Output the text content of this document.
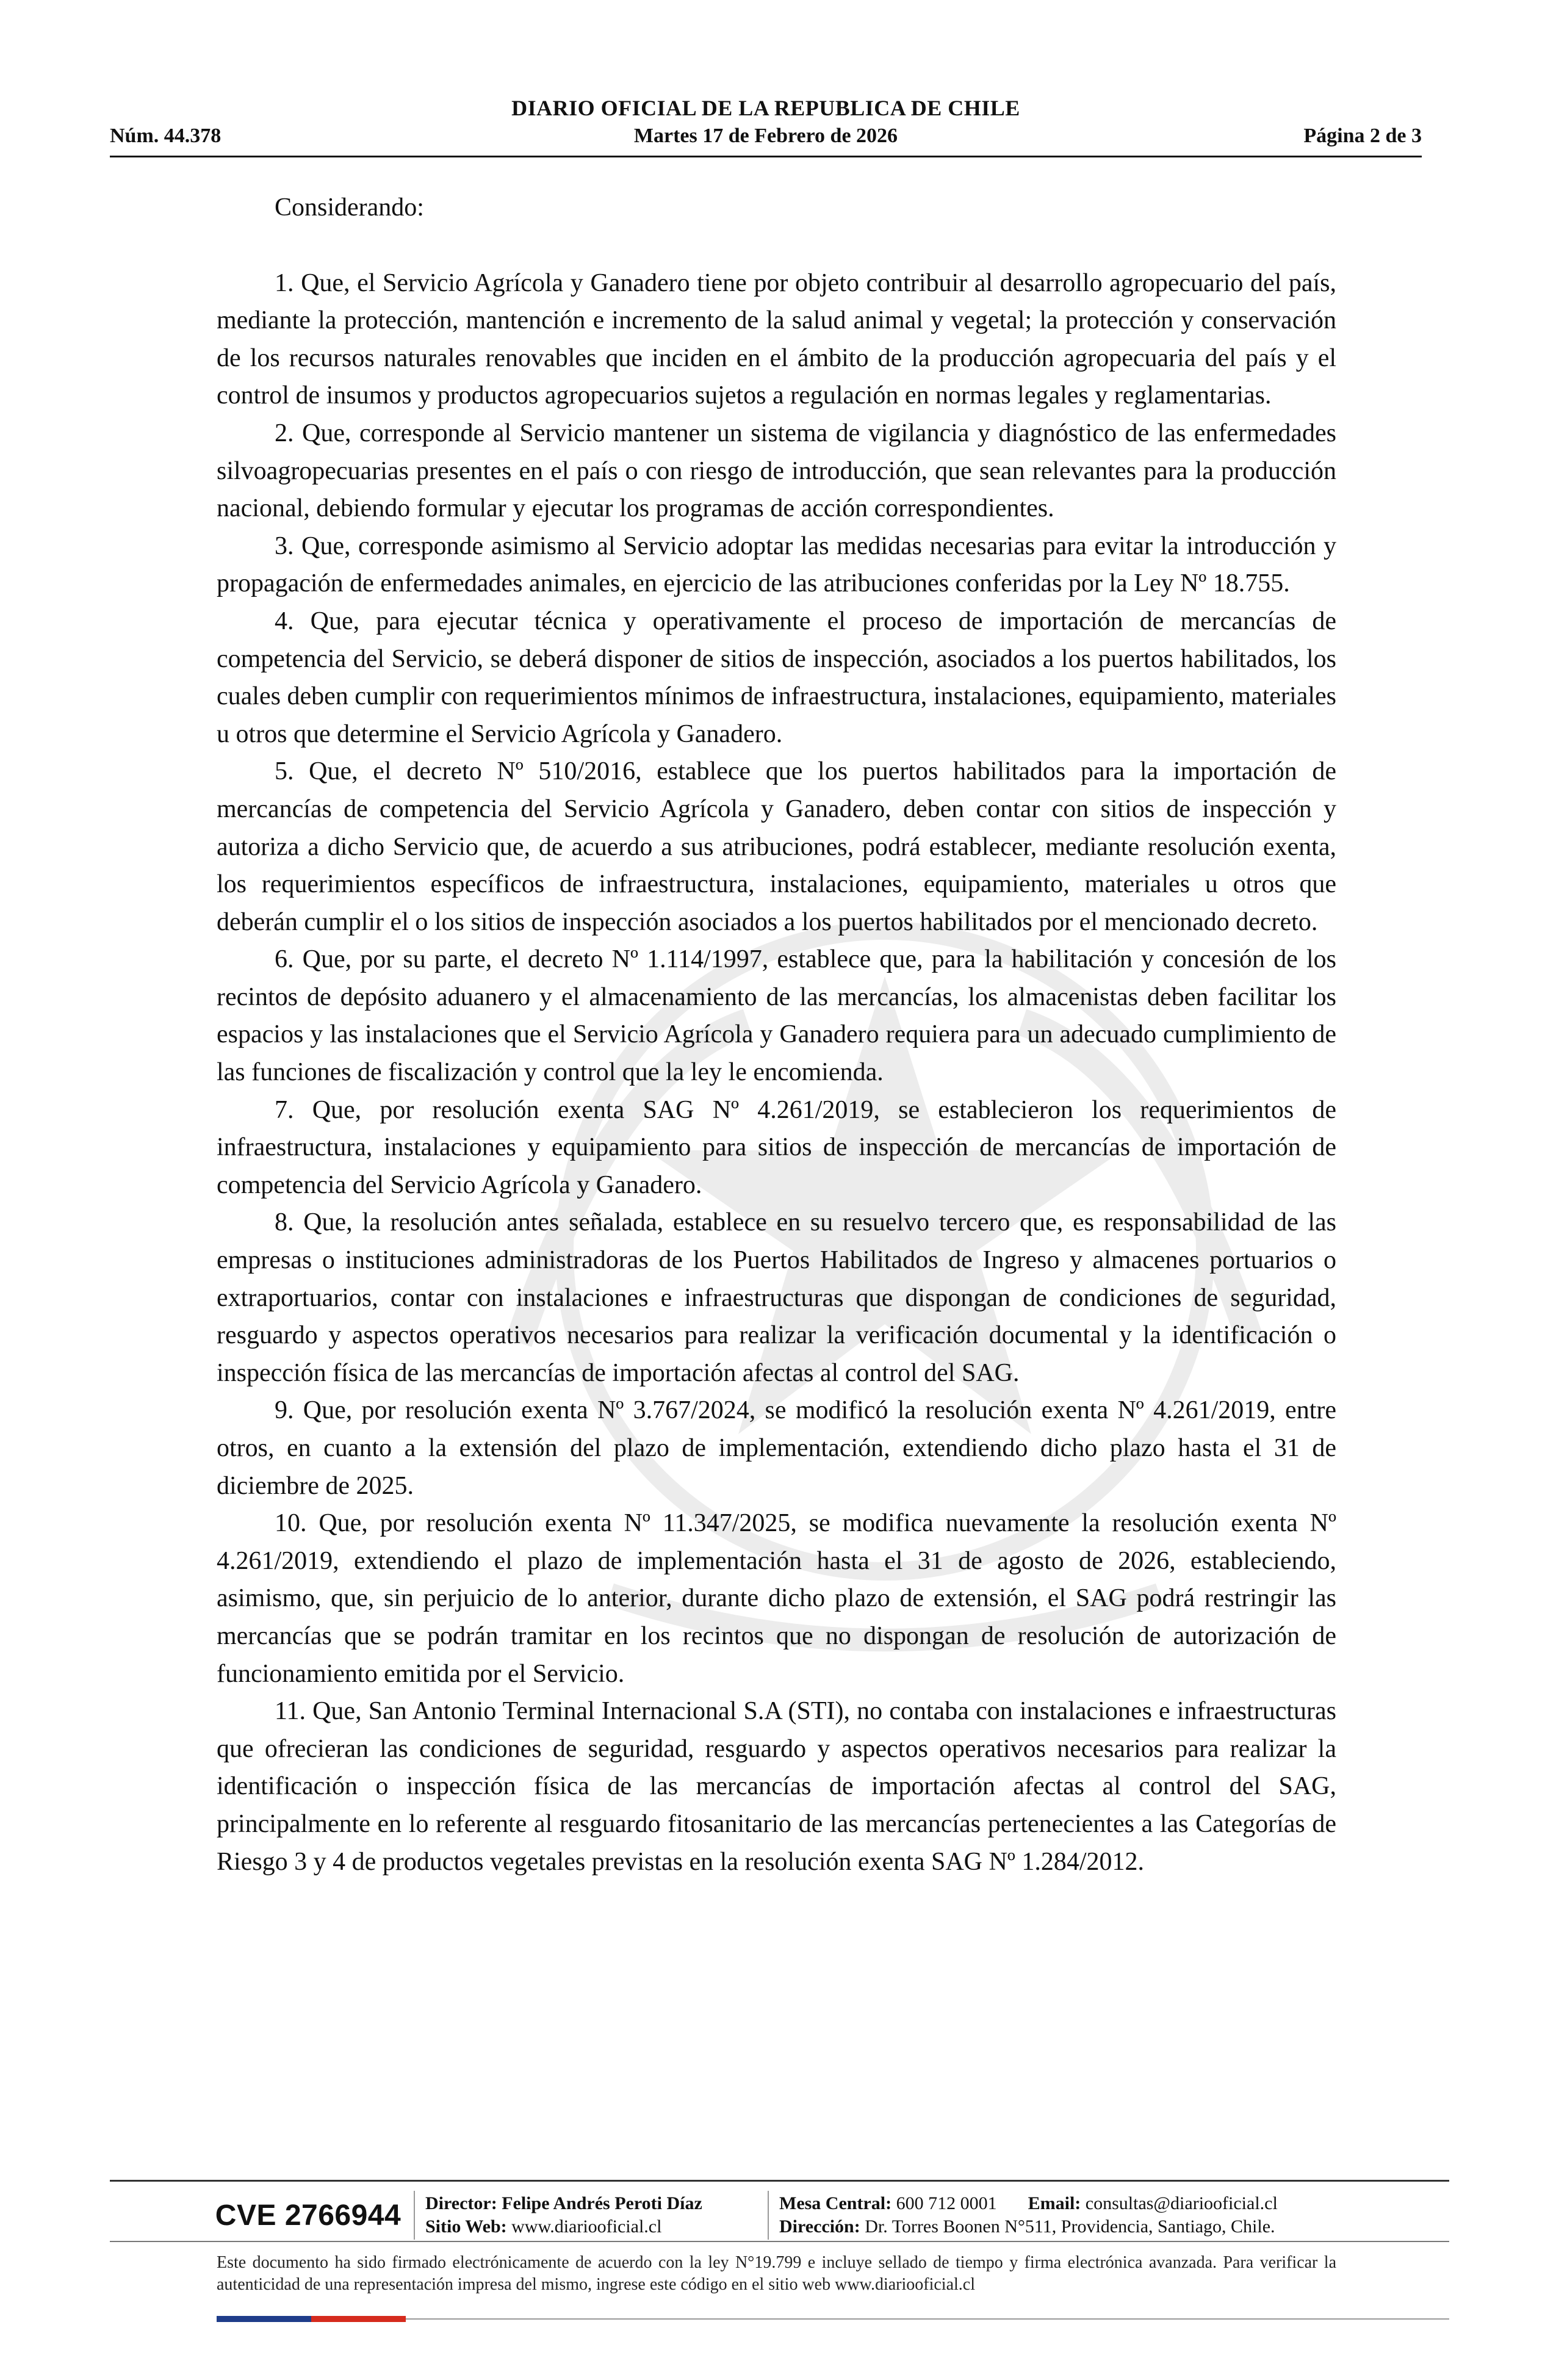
DIARIO OFICIAL DE LA REPUBLICA DE CHILE
Núm. 44.378	Martes 17 de Febrero de 2026	Página 2 de 3

Considerando:

1. Que, el Servicio Agrícola y Ganadero tiene por objeto contribuir al desarrollo agropecuario del país, mediante la protección, mantención e incremento de la salud animal y vegetal; la protección y conservación de los recursos naturales renovables que inciden en el ámbito de la producción agropecuaria del país y el control de insumos y productos agropecuarios sujetos a regulación en normas legales y reglamentarias.

2. Que, corresponde al Servicio mantener un sistema de vigilancia y diagnóstico de las enfermedades silvoagropecuarias presentes en el país o con riesgo de introducción, que sean relevantes para la producción nacional, debiendo formular y ejecutar los programas de acción correspondientes.

3. Que, corresponde asimismo al Servicio adoptar las medidas necesarias para evitar la introducción y propagación de enfermedades animales, en ejercicio de las atribuciones conferidas por la Ley Nº 18.755.

4. Que, para ejecutar técnica y operativamente el proceso de importación de mercancías de competencia del Servicio, se deberá disponer de sitios de inspección, asociados a los puertos habilitados, los cuales deben cumplir con requerimientos mínimos de infraestructura, instalaciones, equipamiento, materiales u otros que determine el Servicio Agrícola y Ganadero.

5. Que, el decreto Nº 510/2016, establece que los puertos habilitados para la importación de mercancías de competencia del Servicio Agrícola y Ganadero, deben contar con sitios de inspección y autoriza a dicho Servicio que, de acuerdo a sus atribuciones, podrá establecer, mediante resolución exenta, los requerimientos específicos de infraestructura, instalaciones, equipamiento, materiales u otros que deberán cumplir el o los sitios de inspección asociados a los puertos habilitados por el mencionado decreto.

6. Que, por su parte, el decreto Nº 1.114/1997, establece que, para la habilitación y concesión de los recintos de depósito aduanero y el almacenamiento de las mercancías, los almacenistas deben facilitar los espacios y las instalaciones que el Servicio Agrícola y Ganadero requiera para un adecuado cumplimiento de las funciones de fiscalización y control que la ley le encomienda.

7. Que, por resolución exenta SAG Nº 4.261/2019, se establecieron los requerimientos de infraestructura, instalaciones y equipamiento para sitios de inspección de mercancías de importación de competencia del Servicio Agrícola y Ganadero.

8. Que, la resolución antes señalada, establece en su resuelvo tercero que, es responsabilidad de las empresas o instituciones administradoras de los Puertos Habilitados de Ingreso y almacenes portuarios o extraportuarios, contar con instalaciones e infraestructuras que dispongan de condiciones de seguridad, resguardo y aspectos operativos necesarios para realizar la verificación documental y la identificación o inspección física de las mercancías de importación afectas al control del SAG.

9. Que, por resolución exenta Nº 3.767/2024, se modificó la resolución exenta Nº 4.261/2019, entre otros, en cuanto a la extensión del plazo de implementación, extendiendo dicho plazo hasta el 31 de diciembre de 2025.

10. Que, por resolución exenta Nº 11.347/2025, se modifica nuevamente la resolución exenta Nº 4.261/2019, extendiendo el plazo de implementación hasta el 31 de agosto de 2026, estableciendo, asimismo, que, sin perjuicio de lo anterior, durante dicho plazo de extensión, el SAG podrá restringir las mercancías que se podrán tramitar en los recintos que no dispongan de resolución de autorización de funcionamiento emitida por el Servicio.

11. Que, San Antonio Terminal Internacional S.A (STI), no contaba con instalaciones e infraestructuras que ofrecieran las condiciones de seguridad, resguardo y aspectos operativos necesarios para realizar la identificación o inspección física de las mercancías de importación afectas al control del SAG, principalmente en lo referente al resguardo fitosanitario de las mercancías pertenecientes a las Categorías de Riesgo 3 y 4 de productos vegetales previstas en la resolución exenta SAG Nº 1.284/2012.

CVE 2766944 Director: Felipe Andrés Peroti Díaz
Sitio Web: www.diariooficial.cl
Mesa Central: 600 712 0001 Email: consultas@diariooficial.cl
Dirección: Dr. Torres Boonen N°511, Providencia, Santiago, Chile.
Este documento ha sido firmado electrónicamente de acuerdo con la ley N°19.799 e incluye sellado de tiempo y firma electrónica avanzada. Para verificar la autenticidad de una representación impresa del mismo, ingrese este código en el sitio web www.diariooficial.cl
